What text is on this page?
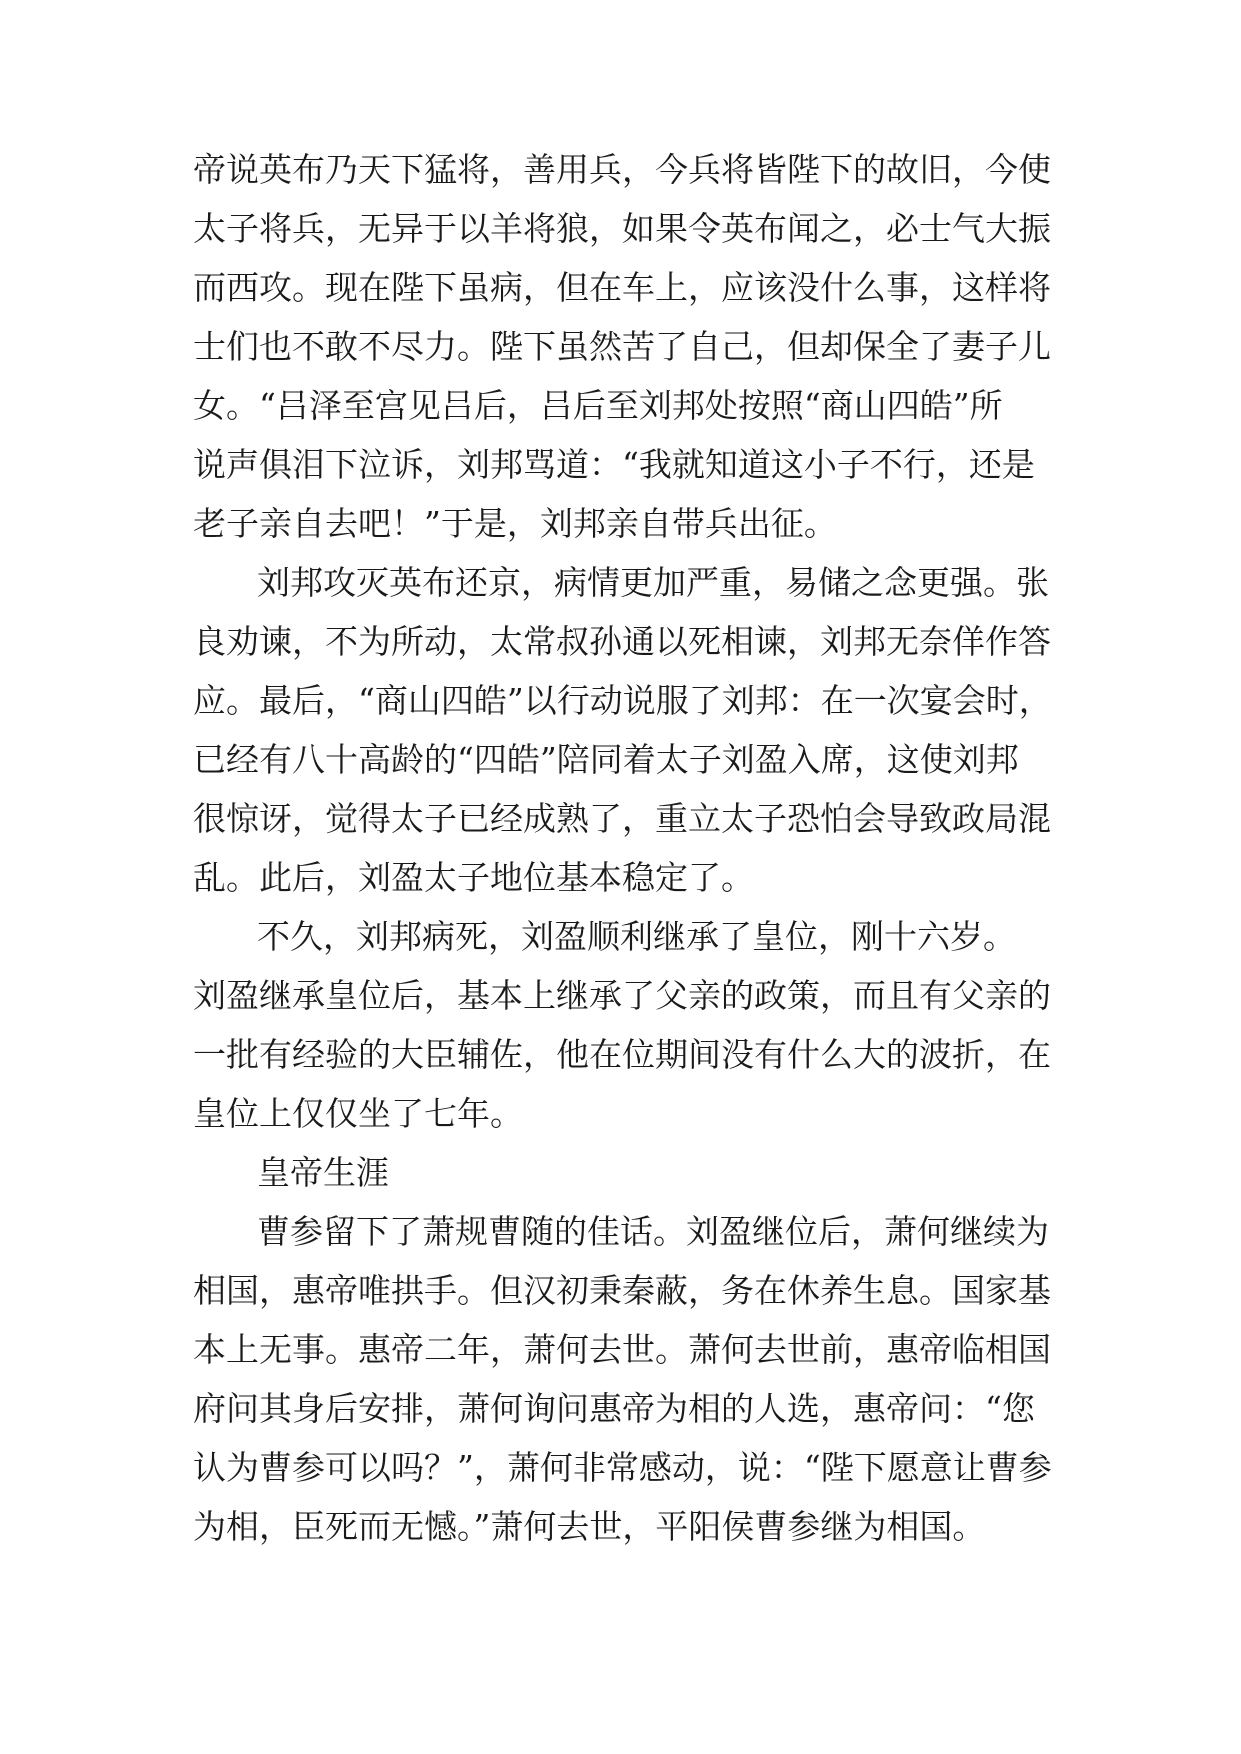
帝说英布乃天下猛将，善用兵，今兵将皆陛下的故旧，今使

太子将兵，无异于以羊将狼，如果令英布闻之，必士气大振

而西攻。现在陛下虽病，但在车上，应该没什么事，这样将

士们也不敢不尽力。陛下虽然苦了自己，但却保全了妻子儿

女。“吕泽至宫见吕后，吕后至刘邦处按照“商山四皓”所

说声俱泪下泣诉，刘邦骂道：“我就知道这小子不行，还是

老子亲自去吧！”于是，刘邦亲自带兵出征。

刘邦攻灭英布还京，病情更加严重，易储之念更强。张

良劝谏，不为所动，太常叔孙通以死相谏，刘邦无奈佯作答

应。最后，“商山四皓”以行动说服了刘邦：在一次宴会时，

已经有八十高龄的“四皓”陪同着太子刘盈入席，这使刘邦

很惊讶，觉得太子已经成熟了，重立太子恐怕会导致政局混

乱。此后，刘盈太子地位基本稳定了。

不久，刘邦病死，刘盈顺利继承了皇位，刚十六岁。

刘盈继承皇位后，基本上继承了父亲的政策，而且有父亲的

一批有经验的大臣辅佐，他在位期间没有什么大的波折，在

皇位上仅仅坐了七年。

皇帝生涯

曹参留下了萧规曹随的佳话。刘盈继位后，萧何继续为

相国，惠帝唯拱手。但汉初秉秦蔽，务在休养生息。国家基

本上无事。惠帝二年，萧何去世。萧何去世前，惠帝临相国

府问其身后安排，萧何询问惠帝为相的人选，惠帝问：“您

认为曹参可以吗？”，萧何非常感动，说：“陛下愿意让曹参

为相，臣死而无憾。”萧何去世，平阳侯曹参继为相国。
